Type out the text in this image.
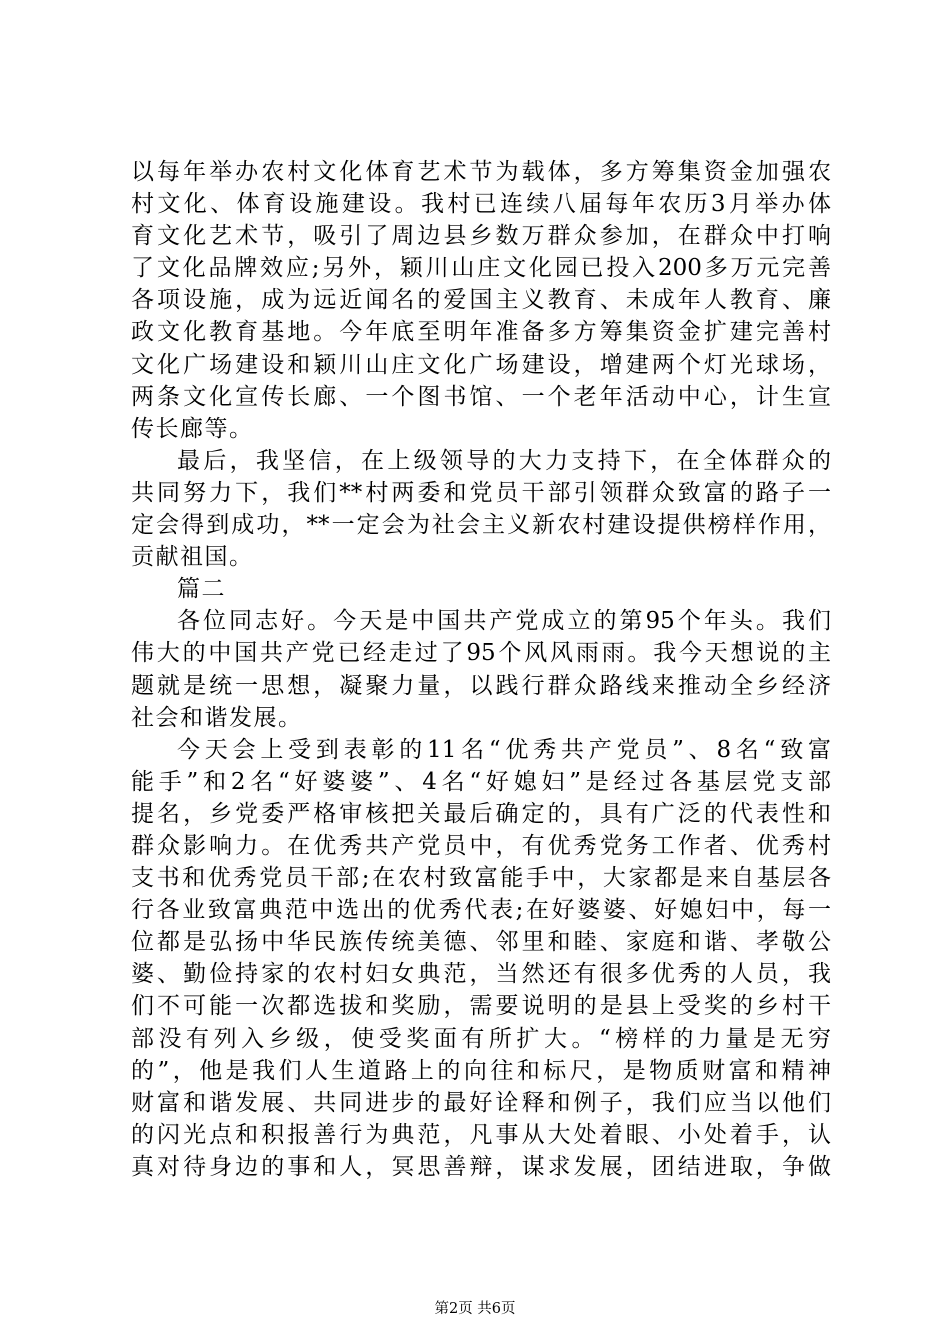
以每年举办农村文化体育艺术节为载体，多方筹集资金加强农
村文化、体育设施建设。我村已连续八届每年农历3月举办体
育文化艺术节，吸引了周边县乡数万群众参加，在群众中打响
了文化品牌效应;另外，颖川山庄文化园已投入200多万元完善
各项设施，成为远近闻名的爱国主义教育、未成年人教育、廉
政文化教育基地。今年底至明年准备多方筹集资金扩建完善村
文化广场建设和颖川山庄文化广场建设，增建两个灯光球场，
两条文化宣传长廊、一个图书馆、一个老年活动中心，计生宣
传长廊等。
最后，我坚信，在上级领导的大力支持下，在全体群众的
共同努力下，我们**村两委和党员干部引领群众致富的路子一
定会得到成功，**一定会为社会主义新农村建设提供榜样作用，
贡献祖国。
篇二
各位同志好。今天是中国共产党成立的第95个年头。我们
伟大的中国共产党已经走过了95个风风雨雨。我今天想说的主
题就是统一思想，凝聚力量，以践行群众路线来推动全乡经济
社会和谐发展。
今天会上受到表彰的11名“优秀共产党员”、8名“致富
能手”和2名“好婆婆”、4名“好媳妇”是经过各基层党支部
提名，乡党委严格审核把关最后确定的，具有广泛的代表性和
群众影响力。在优秀共产党员中，有优秀党务工作者、优秀村
支书和优秀党员干部;在农村致富能手中，大家都是来自基层各
行各业致富典范中选出的优秀代表;在好婆婆、好媳妇中，每一
位都是弘扬中华民族传统美德、邻里和睦、家庭和谐、孝敬公
婆、勤俭持家的农村妇女典范，当然还有很多优秀的人员，我
们不可能一次都选拔和奖励，需要说明的是县上受奖的乡村干
部没有列入乡级，使受奖面有所扩大。“榜样的力量是无穷
的”，他是我们人生道路上的向往和标尺，是物质财富和精神
财富和谐发展、共同进步的最好诠释和例子，我们应当以他们
的闪光点和积报善行为典范，凡事从大处着眼、小处着手，认
真对待身边的事和人，冥思善辩，谋求发展，团结进取，争做
第2页 共6页
